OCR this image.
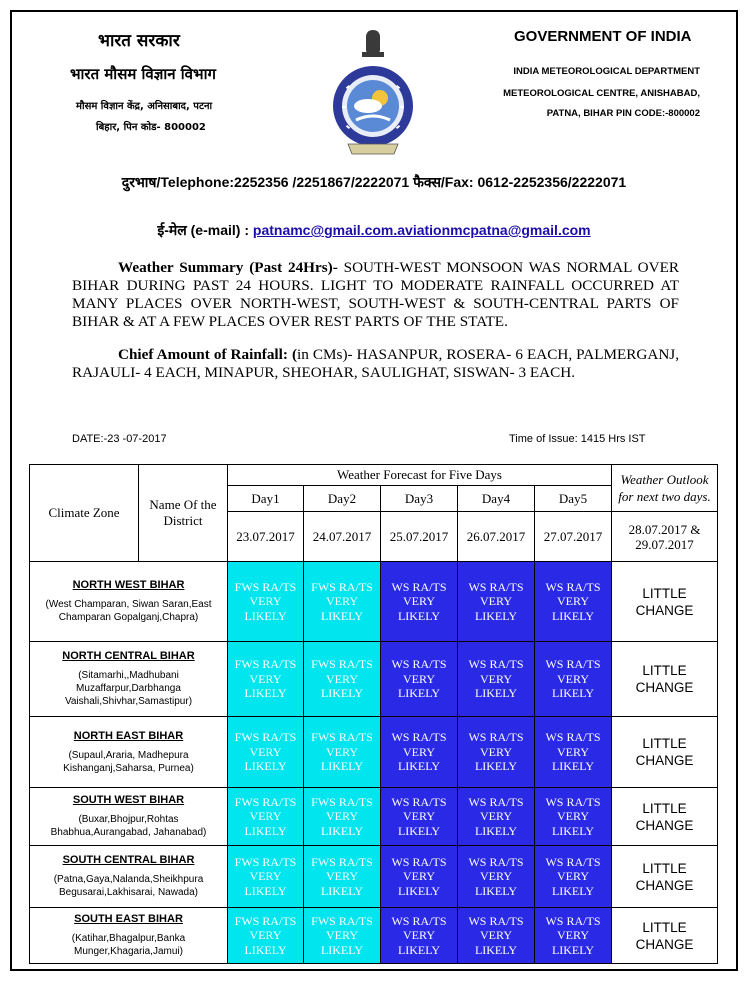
भारत सरकार
भारत मौसम विज्ञान विभाग
मौसम विज्ञान केंद्र, अनिसाबाद, पटना
बिहार, पिन कोड- 800002
GOVERNMENT OF INDIA
INDIA METEOROLOGICAL DEPARTMENT
METEOROLOGICAL CENTRE, ANISHABAD,
PATNA, BIHAR PIN CODE:-800002
दुरभाष/Telephone:2252356 /2251867/2222071 फैक्स/Fax: 0612-2252356/2222071
ई-मेल (e-mail) : patnamc@gmail.com.aviationmcpatna@gmail.com
Weather Summary (Past 24Hrs)- SOUTH-WEST MONSOON WAS NORMAL OVER BIHAR DURING PAST 24 HOURS. LIGHT TO MODERATE RAINFALL OCCURRED AT MANY PLACES OVER NORTH-WEST, SOUTH-WEST & SOUTH-CENTRAL PARTS OF BIHAR & AT A FEW PLACES OVER REST PARTS OF THE STATE.
Chief Amount of Rainfall: (in CMs)- HASANPUR, ROSERA- 6 EACH, PALMERGANJ, RAJAULI- 4 EACH, MINAPUR, SHEOHAR, SAULIGHAT, SISWAN- 3 EACH.
DATE:-23 -07-2017	Time of Issue: 1415 Hrs IST
Climate Zone	Name Of the District	Weather Forecast for Five Days					Weather Outlook for next two days.
		Day1	Day2	Day3	Day4	Day5	
		23.07.2017	24.07.2017	25.07.2017	26.07.2017	27.07.2017	28.07.2017 & 29.07.2017

NORTH WEST BIHAR
(West Champaran, Siwan Saran,East Champaran Gopalganj,Chapra)		FWS RA/TS
VERY
LIKELY	FWS RA/TS
VERY
LIKELY	WS RA/TS
VERY
LIKELY	WS RA/TS
VERY
LIKELY	WS RA/TS
VERY
LIKELY	LITTLE CHANGE

NORTH CENTRAL BIHAR
(Sitamarhi,,Madhubani Muzaffarpur,Darbhanga Vaishali,Shivhar,Samastipur)		FWS RA/TS
VERY
LIKELY	FWS RA/TS
VERY
LIKELY	WS RA/TS
VERY
LIKELY	WS RA/TS
VERY
LIKELY	WS RA/TS
VERY
LIKELY	LITTLE CHANGE

NORTH EAST BIHAR
(Supaul,Araria, Madhepura Kishanganj,Saharsa, Purnea)		FWS RA/TS
VERY
LIKELY	FWS RA/TS
VERY
LIKELY	WS RA/TS
VERY
LIKELY	WS RA/TS
VERY
LIKELY	WS RA/TS
VERY
LIKELY	LITTLE CHANGE

SOUTH WEST BIHAR
(Buxar,Bhojpur,Rohtas Bhabhua,Aurangabad, Jahanabad)		FWS RA/TS
VERY
LIKELY	FWS RA/TS
VERY
LIKELY	WS RA/TS
VERY
LIKELY	WS RA/TS
VERY
LIKELY	WS RA/TS
VERY
LIKELY	LITTLE CHANGE

SOUTH CENTRAL BIHAR
(Patna,Gaya,Nalanda,Sheikhpura Begusarai,Lakhisarai, Nawada)		FWS RA/TS
VERY
LIKELY	FWS RA/TS
VERY
LIKELY	WS RA/TS
VERY
LIKELY	WS RA/TS
VERY
LIKELY	WS RA/TS
VERY
LIKELY	LITTLE CHANGE

SOUTH EAST BIHAR
(Katihar,Bhagalpur,Banka Munger,Khagaria,Jamui)		FWS RA/TS
VERY
LIKELY	FWS RA/TS
VERY
LIKELY	WS RA/TS
VERY
LIKELY	WS RA/TS
VERY
LIKELY	WS RA/TS
VERY
LIKELY	LITTLE CHANGE
